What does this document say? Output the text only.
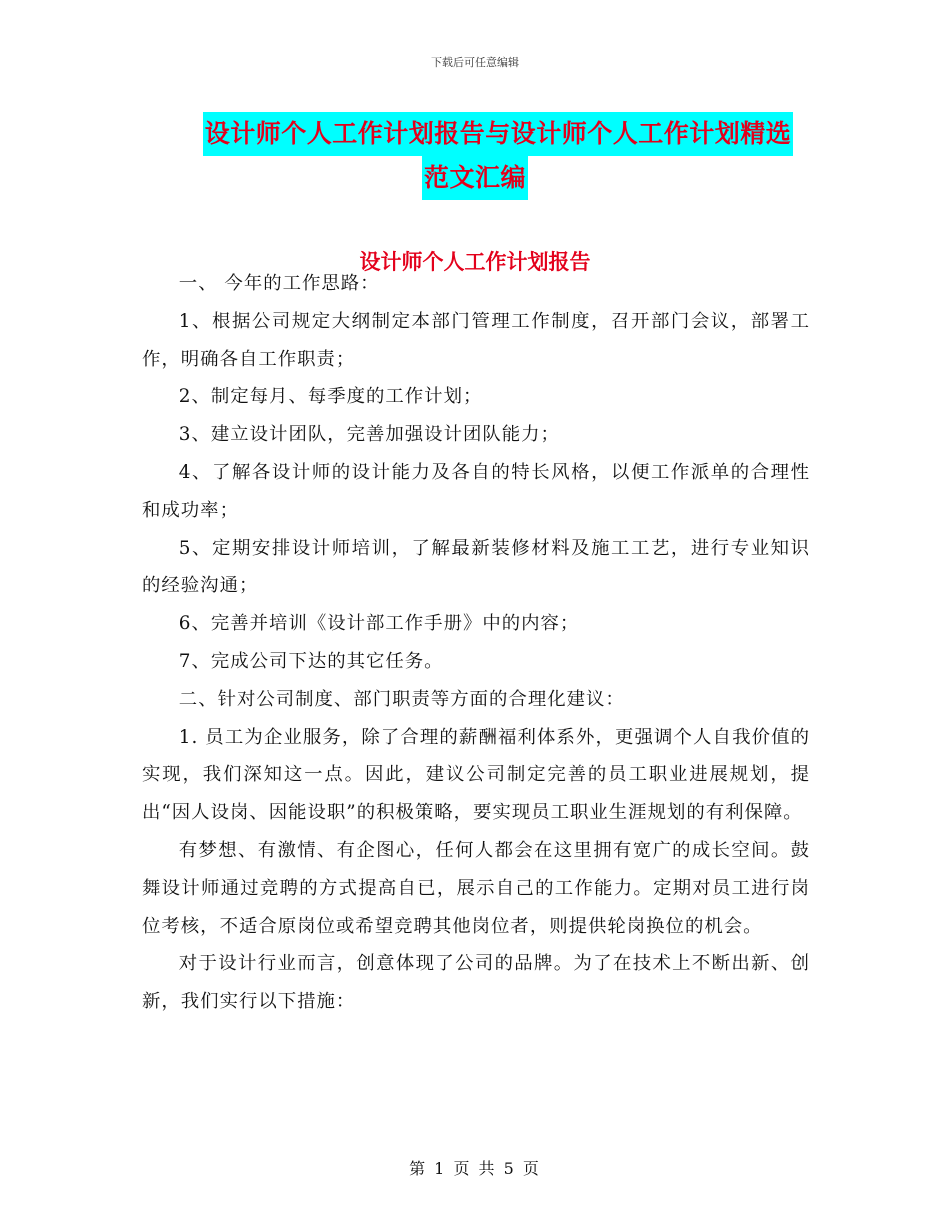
下载后可任意编辑
设计师个人工作计划报告与设计师个人工作计划精选
范文汇编
设计师个人工作计划报告

一、 今年的工作思路：

1、根据公司规定大纲制定本部门管理工作制度，召开部门会议，部署工作，明确各自工作职责；

2、制定每月、每季度的工作计划；

3、建立设计团队，完善加强设计团队能力；

4、了解各设计师的设计能力及各自的特长风格，以便工作派单的合理性和成功率；

5、定期安排设计师培训，了解最新装修材料及施工工艺，进行专业知识的经验沟通；

6、完善并培训《设计部工作手册》中的内容；

7、完成公司下达的其它任务。

二、针对公司制度、部门职责等方面的合理化建议：

1. 员工为企业服务，除了合理的薪酬福利体系外，更强调个人自我价值的实现，我们深知这一点。因此，建议公司制定完善的员工职业进展规划，提出“因人设岗、因能设职”的积极策略，要实现员工职业生涯规划的有利保障。

有梦想、有激情、有企图心，任何人都会在这里拥有宽广的成长空间。鼓舞设计师通过竞聘的方式提高自已，展示自己的工作能力。定期对员工进行岗位考核，不适合原岗位或希望竞聘其他岗位者，则提供轮岗换位的机会。

对于设计行业而言，创意体现了公司的品牌。为了在技术上不断出新、创新，我们实行以下措施：

第 1 页 共 5 页
